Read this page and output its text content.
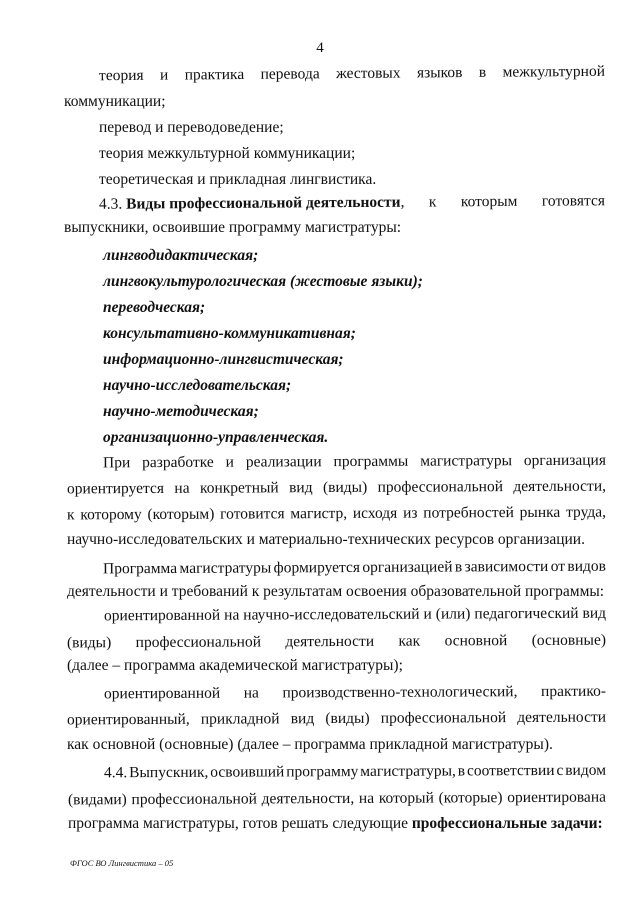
4
теория и практика перевода жестовых языков в межкультурной
коммуникации;
перевод и переводоведение;
теория межкультурной коммуникации;
теоретическая и прикладная лингвистика.
4.3. Виды профессиональной деятельности, к которым готовятся
выпускники, освоившие программу магистратуры:
лингводидактическая;
лингвокультурологическая (жестовые языки);
переводческая;
консультативно-коммуникативная;
информационно-лингвистическая;
научно-исследовательская;
научно-методическая;
организационно-управленческая.
При разработке и реализации программы магистратуры организация
ориентируется на конкретный вид (виды) профессиональной деятельности,
к которому (которым) готовится магистр, исходя из потребностей рынка труда,
научно-исследовательских и материально-технических ресурсов организации.
Программа магистратуры формируется организацией в зависимости от видов
деятельности и требований к результатам освоения образовательной программы:
ориентированной на научно-исследовательский и (или) педагогический вид
(виды) профессиональной деятельности как основной (основные)
(далее – программа академической магистратуры);
ориентированной на производственно-технологический, практико-
ориентированный, прикладной вид (виды) профессиональной деятельности
как основной (основные) (далее – программа прикладной магистратуры).
4.4. Выпускник, освоивший программу магистратуры, в соответствии с видом
(видами) профессиональной деятельности, на который (которые) ориентирована
программа магистратуры, готов решать следующие профессиональные задачи:
ФГОС ВО Лингвистика – 05
